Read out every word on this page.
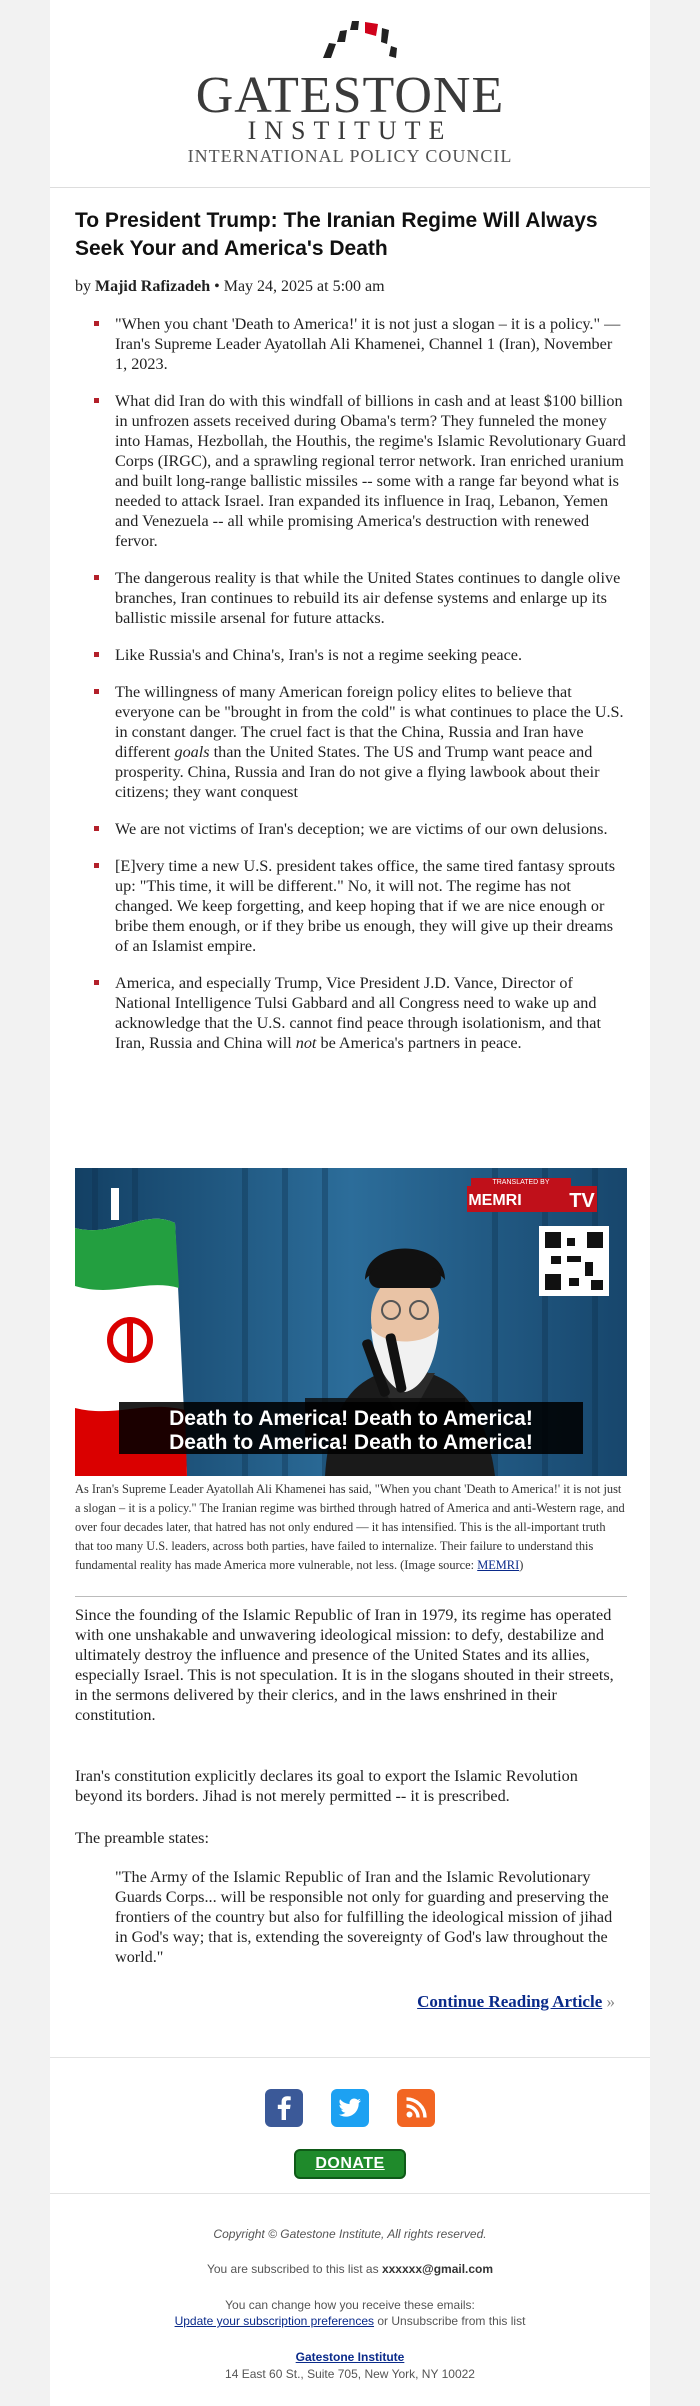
GATESTONE
INSTITUTE
INTERNATIONAL POLICY COUNCIL
To President Trump: The Iranian Regime Will Always Seek Your and America's Death
by Majid Rafizadeh • May 24, 2025 at 5:00 am
"When you chant 'Death to America!' it is not just a slogan – it is a policy." — Iran's Supreme Leader Ayatollah Ali Khamenei, Channel 1 (Iran), November 1, 2023.
What did Iran do with this windfall of billions in cash and at least $100 billion in unfrozen assets received during Obama's term? They funneled the money into Hamas, Hezbollah, the Houthis, the regime's Islamic Revolutionary Guard Corps (IRGC), and a sprawling regional terror network. Iran enriched uranium and built long-range ballistic missiles -- some with a range far beyond what is needed to attack Israel. Iran expanded its influence in Iraq, Lebanon, Yemen and Venezuela -- all while promising America's destruction with renewed fervor.
The dangerous reality is that while the United States continues to dangle olive branches, Iran continues to rebuild its air defense systems and enlarge up its ballistic missile arsenal for future attacks.
Like Russia's and China's, Iran's is not a regime seeking peace.
The willingness of many American foreign policy elites to believe that everyone can be "brought in from the cold" is what continues to place the U.S. in constant danger. The cruel fact is that the China, Russia and Iran have different goals than the United States. The US and Trump want peace and prosperity. China, Russia and Iran do not give a flying lawbook about their citizens; they want conquest
We are not victims of Iran's deception; we are victims of our own delusions.
[E]very time a new U.S. president takes office, the same tired fantasy sprouts up: "This time, it will be different." No, it will not. The regime has not changed. We keep forgetting, and keep hoping that if we are nice enough or bribe them enough, or if they bribe us enough, they will give up their dreams of an Islamist empire.
America, and especially Trump, Vice President J.D. Vance, Director of National Intelligence Tulsi Gabbard and all Congress need to wake up and acknowledge that the U.S. cannot find peace through isolationism, and that Iran, Russia and China will not be America's partners in peace.
TRANSLATED BY
MEMRI TV
Death to America! Death to America!
Death to America! Death to America!
As Iran's Supreme Leader Ayatollah Ali Khamenei has said, "When you chant 'Death to America!' it is not just a slogan – it is a policy." The Iranian regime was birthed through hatred of America and anti-Western rage, and over four decades later, that hatred has not only endured — it has intensified. This is the all-important truth that too many U.S. leaders, across both parties, have failed to internalize. Their failure to understand this fundamental reality has made America more vulnerable, not less. (Image source: MEMRI)

Since the founding of the Islamic Republic of Iran in 1979, its regime has operated with one unshakable and unwavering ideological mission: to defy, destabilize and ultimately destroy the influence and presence of the United States and its allies, especially Israel. This is not speculation. It is in the slogans shouted in their streets, in the sermons delivered by their clerics, and in the laws enshrined in their constitution.

Iran's constitution explicitly declares its goal to export the Islamic Revolution beyond its borders. Jihad is not merely permitted -- it is prescribed.

The preamble states:

"The Army of the Islamic Republic of Iran and the Islamic Revolutionary Guards Corps... will be responsible not only for guarding and preserving the frontiers of the country but also for fulfilling the ideological mission of jihad in God's way; that is, extending the sovereignty of God's law throughout the world."
Continue Reading Article »
DONATE
Copyright © Gatestone Institute, All rights reserved.
You are subscribed to this list as xxxxxx@gmail.com
You can change how you receive these emails:
Update your subscription preferences or Unsubscribe from this list
Gatestone Institute
14 East 60 St., Suite 705, New York, NY 10022
